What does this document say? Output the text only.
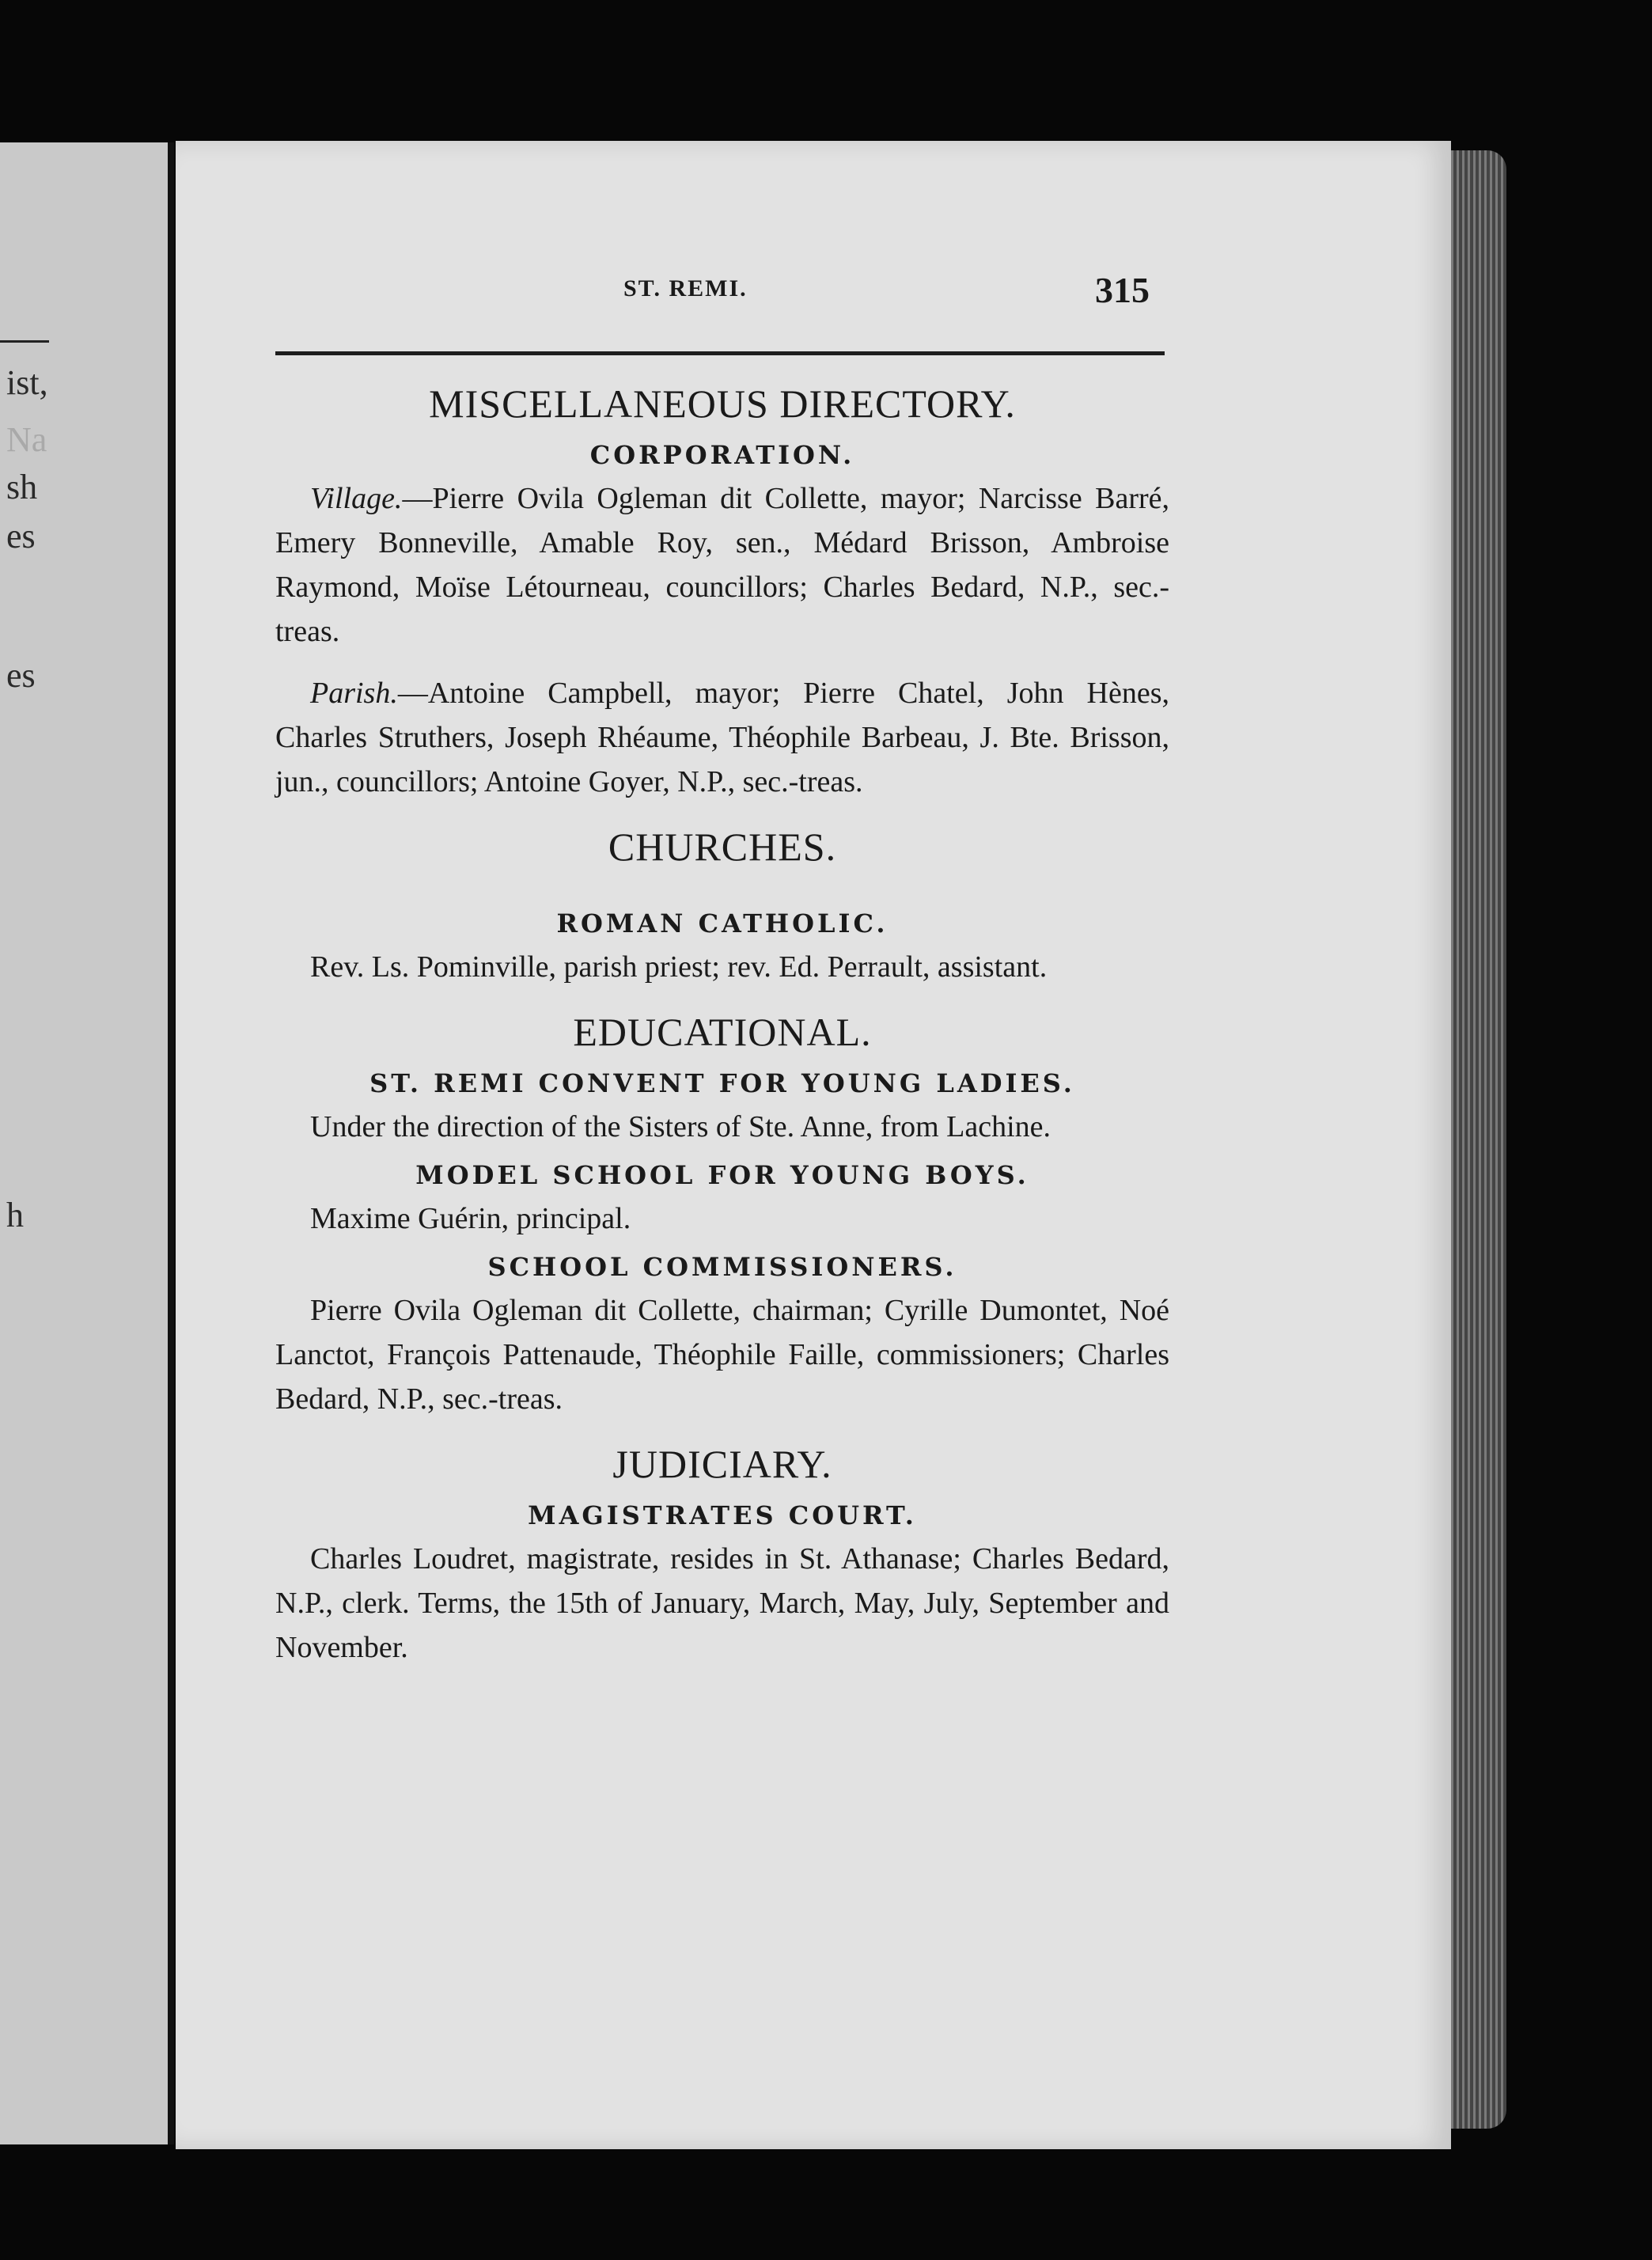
ist,
Na
sh
es
es
h
ST. REMI.	315
MISCELLANEOUS DIRECTORY.
CORPORATION.

Village.—Pierre Ovila Ogleman dit Collette, mayor; Narcisse Barré, Emery Bonneville, Amable Roy, sen., Médard Brisson, Ambroise Raymond, Moïse Létourneau, councillors; Charles Bedard, N.P., sec.-treas.

Parish.—Antoine Campbell, mayor; Pierre Chatel, John Hènes, Charles Struthers, Joseph Rhéaume, Théophile Barbeau, J. Bte. Brisson, jun., councillors; Antoine Goyer, N.P., sec.-treas.

CHURCHES.
ROMAN CATHOLIC.

Rev. Ls. Pominville, parish priest; rev. Ed. Perrault, assistant.

EDUCATIONAL.
ST. REMI CONVENT FOR YOUNG LADIES.

Under the direction of the Sisters of Ste. Anne, from Lachine.

MODEL SCHOOL FOR YOUNG BOYS.

Maxime Guérin, principal.

SCHOOL COMMISSIONERS.

Pierre Ovila Ogleman dit Collette, chairman; Cyrille Dumontet, Noé Lanctot, François Pattenaude, Théophile Faille, commissioners; Charles Bedard, N.P., sec.-treas.

JUDICIARY.
MAGISTRATES COURT.

Charles Loudret, magistrate, resides in St. Athanase; Charles Bedard, N.P., clerk. Terms, the 15th of January, March, May, July, September and November.
